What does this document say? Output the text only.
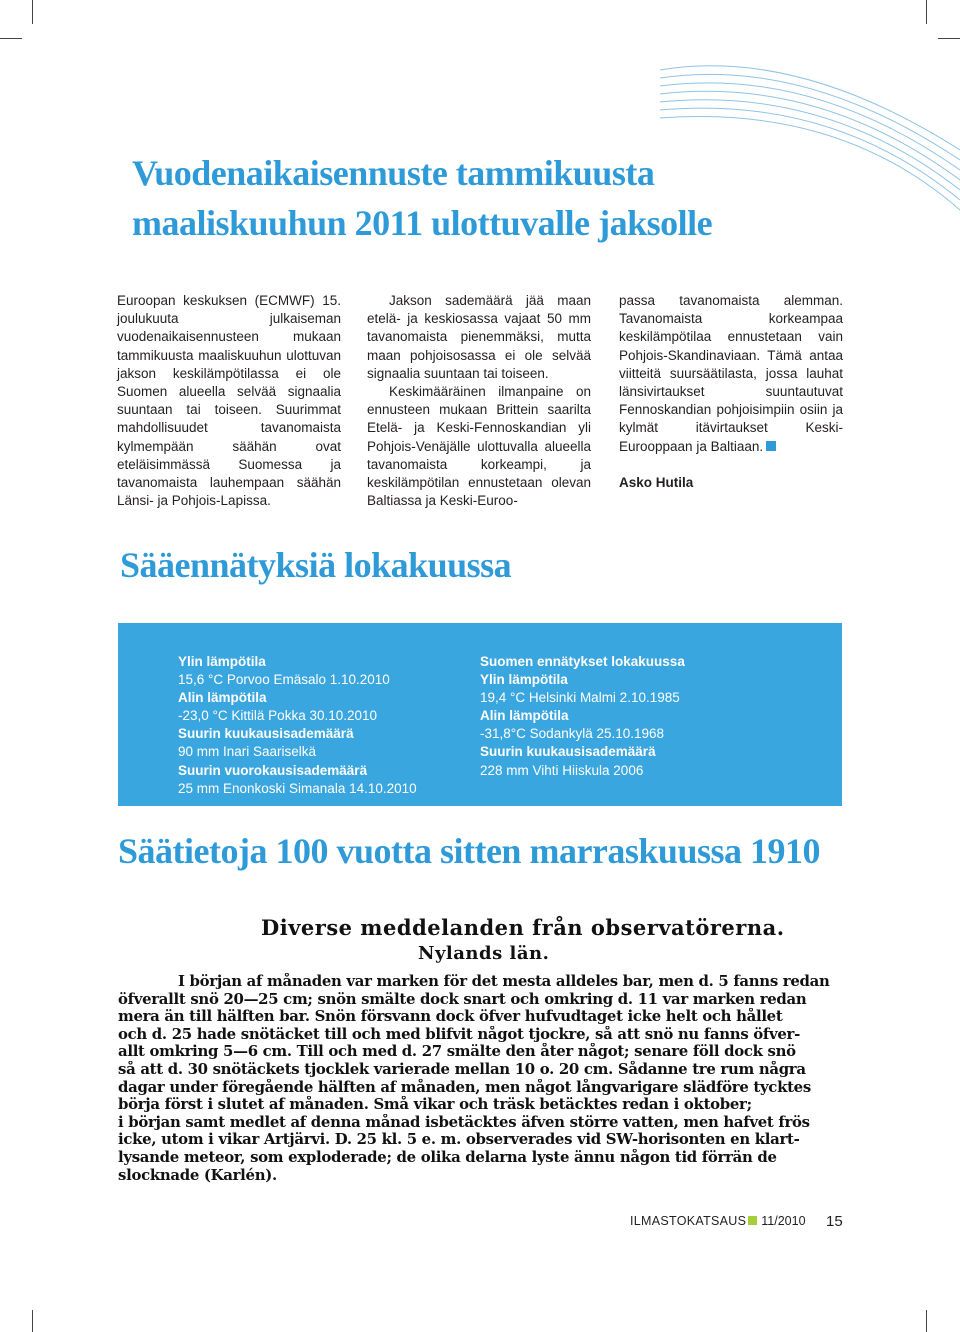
Vuodenaikaisennuste tammikuusta
maaliskuuhun 2011 ulottuvalle jaksolle

Euroopan keskuksen (ECMWF) 15. joulukuuta julkaiseman vuodenaikaisennusteen mukaan tammikuusta maaliskuuhun ulottuvan jakson keskilämpötilassa ei ole Suomen alueella selvää signaalia suuntaan tai toiseen. Suurimmat mahdollisuudet tavanomaista kylmempään säähän ovat eteläisimmässä Suomessa ja tavanomaista lauhempaan säähän Länsi- ja Pohjois-Lapissa.

Jakson sademäärä jää maan etelä- ja keskiosassa vajaat 50 mm tavanomaista pienemmäksi, mutta maan pohjoisosassa ei ole selvää signaalia suuntaan tai toiseen.

Keskimääräinen ilmanpaine on ennusteen mukaan Brittein saarilta Etelä- ja Keski-Fennoskandian yli Pohjois-Venäjälle ulottuvalla alueella tavanomaista korkeampi, ja keskilämpötilan ennustetaan olevan Baltiassa ja Keski-Euroo-

passa tavanomaista alemman. Tavanomaista korkeampaa keskilämpötilaa ennustetaan vain Pohjois-Skandinaviaan. Tämä antaa viitteitä suursäätilasta, jossa lauhat länsivirtaukset suuntautuvat Fennoskandian pohjoisimpiin osiin ja kylmät itävirtaukset Keski-Eurooppaan ja Baltiaan.

Asko Hutila

Sääennätyksiä lokakuussa
Ylin lämpötila
15,6 °C Porvoo Emäsalo 1.10.2010
Alin lämpötila
-23,0 °C Kittilä Pokka 30.10.2010
Suurin kuukausisademäärä
90 mm Inari Saariselkä
Suurin vuorokausisademäärä
25 mm Enonkoski Simanala 14.10.2010
Suomen ennätykset lokakuussa
Ylin lämpötila
19,4 °C Helsinki Malmi 2.10.1985
Alin lämpötila
-31,8°C Sodankylä 25.10.1968
Suurin kuukausisademäärä
228 mm Vihti Hiiskula 2006
Säätietoja 100 vuotta sitten marraskuussa 1910
Diverse meddelanden från observatörerna.
Nylands län.
I början af månaden var marken för det mesta alldeles bar, men d. 5 fanns redan
öfverallt snö 20—25 cm; snön smälte dock snart och omkring d. 11 var marken redan
mera än till hälften bar. Snön försvann dock öfver hufvudtaget icke helt och hållet
och d. 25 hade snötäcket till och med blifvit något tjockre, så att snö nu fanns öfver-
allt omkring 5—6 cm. Till och med d. 27 smälte den åter något; senare föll dock snö
så att d. 30 snötäckets tjocklek varierade mellan 10 o. 20 cm. Sådanne tre rum några
dagar under föregående hälften af månaden, men något långvarigare slädföre tycktes
börja först i slutet af månaden. Små vikar och träsk betäcktes redan i oktober;
i början samt medlet af denna månad isbetäcktes äfven större vatten, men hafvet frös
icke, utom i vikar Artjärvi. D. 25 kl. 5 e. m. observerades vid SW-horisonten en klart-
lysande meteor, som exploderade; de olika delarna lyste ännu någon tid förrän de
slocknade (Karlén).
ILMASTOKATSAUS 11/2010	15
